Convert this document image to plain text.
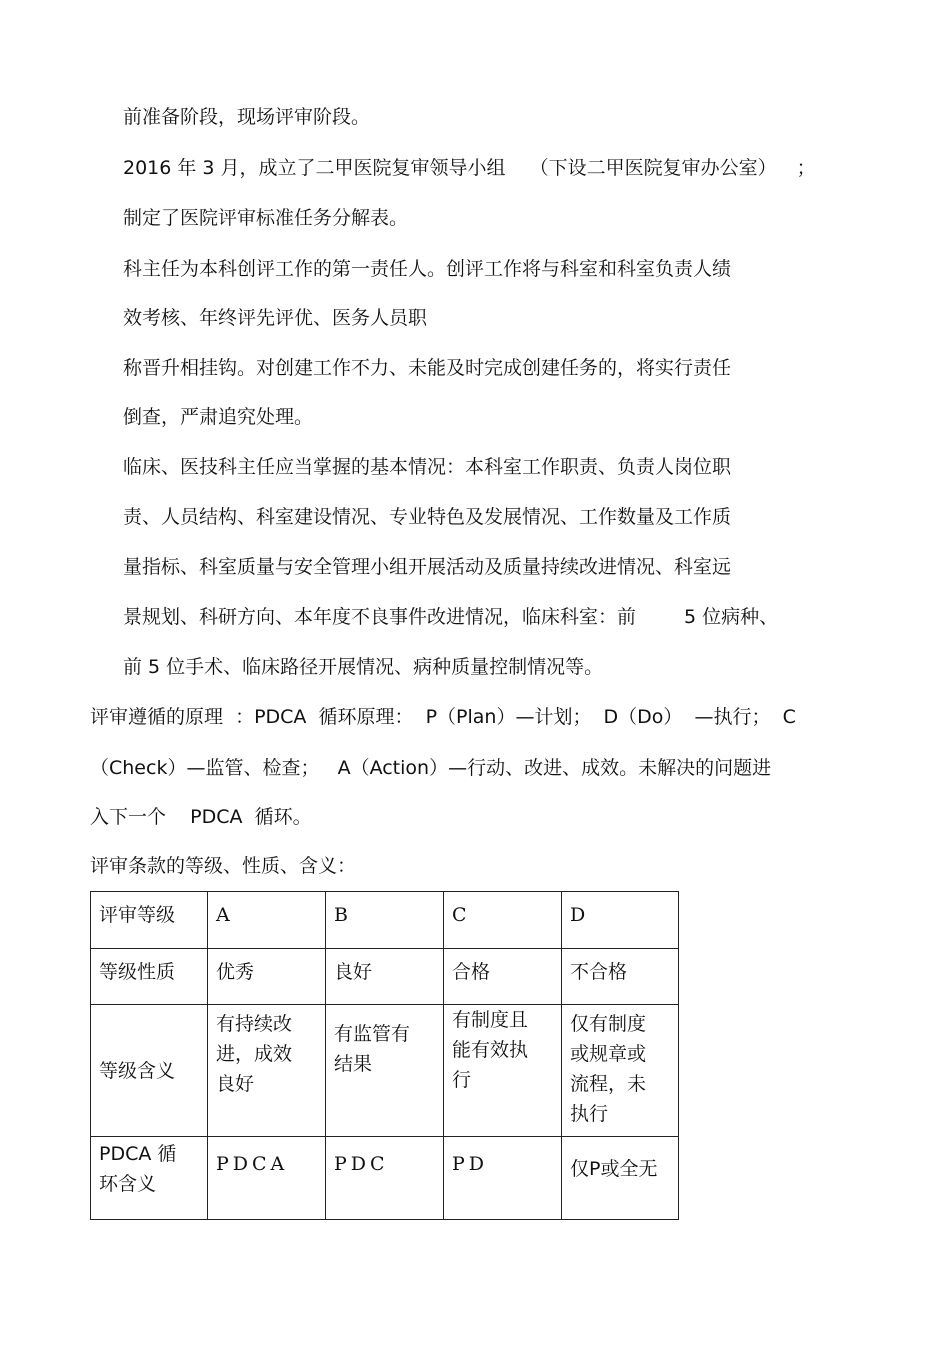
前准备阶段，现场评审阶段。
2016 年 3 月，成立了二甲医院复审领导小组 （下设二甲医院复审办公室） ；
制定了医院评审标准任务分解表。
科主任为本科创评工作的第一责任人。创评工作将与科室和科室负责人绩
效考核、年终评先评优、医务人员职
称晋升相挂钩。对创建工作不力、未能及时完成创建任务的，将实行责任
倒查，严肃追究处理。
临床、医技科主任应当掌握的基本情况：本科室工作职责、负责人岗位职
责、人员结构、科室建设情况、专业特色及发展情况、工作数量及工作质
量指标、科室质量与安全管理小组开展活动及质量持续改进情况、科室远
景规划、科研方向、本年度不良事件改进情况，临床科室：前	5 位病种、
前 5 位手术、临床路径开展情况、病种质量控制情况等。
评审遵循的原理  ：PDCA  循环原理：  P（Plan）—计划；  D（Do）  —执行；  C
（Check）—监管、检查；   A（Action）—行动、改进、成效。未解决的问题进
入下一个    PDCA  循环。
评审条款的等级、性质、含义：
评审等级	A	B	C	D
等级性质	优秀	良好	合格	不合格
等级含义	有持续改进，成效良好	有监管有结果	有制度且能有效执行	仅有制度或规章或流程，未执行
PDCA 循环含义	PDCA	PDC	PD	仅P或全无
